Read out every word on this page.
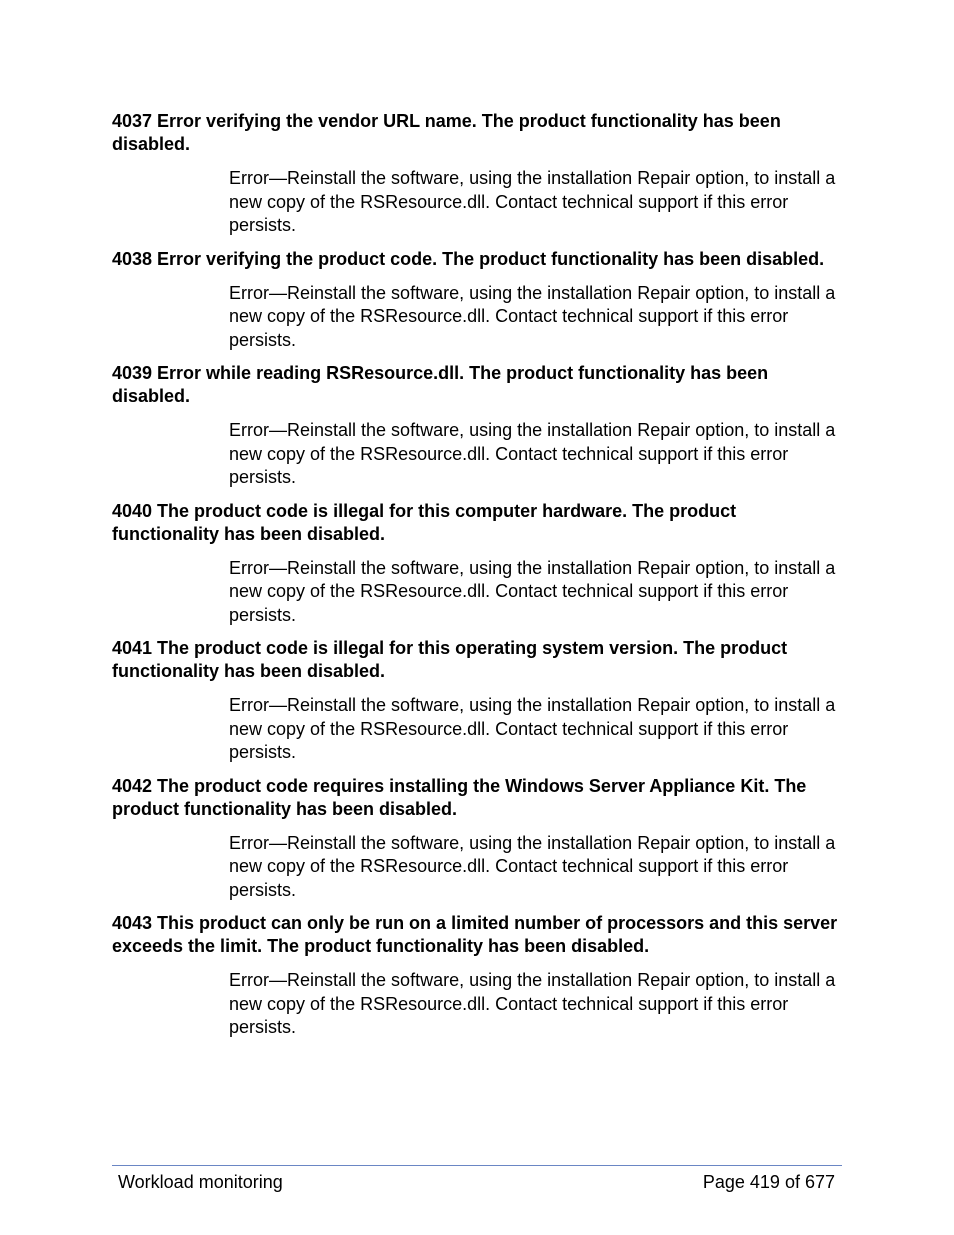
4037 Error verifying the vendor URL name. The product functionality has been disabled.

Error—Reinstall the software, using the installation Repair option, to install a new copy of the RSResource.dll. Contact technical support if this error persists.

4038 Error verifying the product code. The product functionality has been disabled.

Error—Reinstall the software, using the installation Repair option, to install a new copy of the RSResource.dll. Contact technical support if this error persists.

4039 Error while reading RSResource.dll. The product functionality has been disabled.

Error—Reinstall the software, using the installation Repair option, to install a new copy of the RSResource.dll. Contact technical support if this error persists.

4040 The product code is illegal for this computer hardware. The product functionality has been disabled.

Error—Reinstall the software, using the installation Repair option, to install a new copy of the RSResource.dll. Contact technical support if this error persists.

4041 The product code is illegal for this operating system version. The product functionality has been disabled.

Error—Reinstall the software, using the installation Repair option, to install a new copy of the RSResource.dll. Contact technical support if this error persists.

4042 The product code requires installing the Windows Server Appliance Kit. The product functionality has been disabled.

Error—Reinstall the software, using the installation Repair option, to install a new copy of the RSResource.dll. Contact technical support if this error persists.

4043 This product can only be run on a limited number of processors and this server exceeds the limit. The product functionality has been disabled.

Error—Reinstall the software, using the installation Repair option, to install a new copy of the RSResource.dll. Contact technical support if this error persists.

Workload monitoring	Page 419 of 677
